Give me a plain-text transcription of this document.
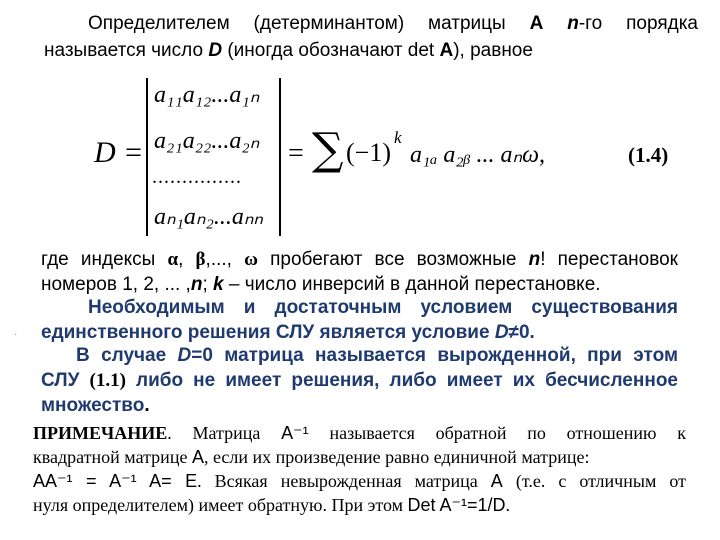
Определителем (детерминантом) матрицы A n-го порядка
называется число D (иногда обозначают det A), равное
D =
a₁₁a₁₂...a₁ₙ
a₂₁a₂₂...a₂ₙ
...............
aₙ₁aₙ₂...aₙₙ
= ∑ (−1)
k
a₁ₐ a₂ᵦ ... aₙω,	(1.4)
где индексы α, β,..., ω пробегают все возможные n! перестановок
номеров 1, 2, ... ,n; k – число инверсий в данной перестановке.
Необходимым и достаточным условием существования
единственного решения СЛУ является условие D≠0.
·
В случае D=0 матрица называется вырожденной, при этом
СЛУ (1.1) либо не имеет решения, либо имеет их бесчисленное
множество.
ПРИМЕЧАНИЕ. Матрица A⁻¹ называется обратной по отношению к
квадратной матрице A, если их произведение равно единичной матрице:
AA⁻¹ = A⁻¹ A= E. Всякая невырожденная матрица A (т.е. с отличным от
нуля определителем) имеет обратную. При этом Det A⁻¹=1/D.
